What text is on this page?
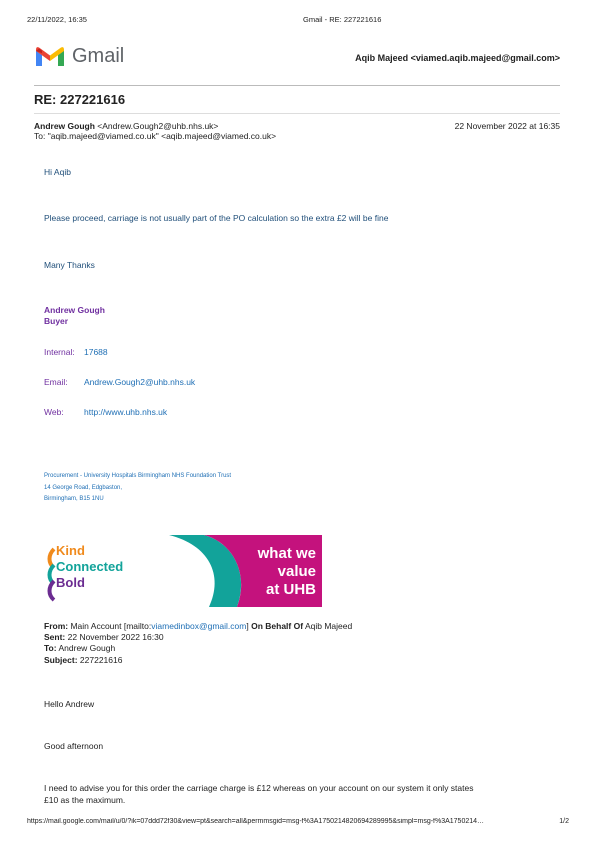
22/11/2022, 16:35	Gmail - RE: 227221616
Gmail	Aqib Majeed <viamed.aqib.majeed@gmail.com>
RE: 227221616
Andrew Gough <Andrew.Gough2@uhb.nhs.uk>	22 November 2022 at 16:35
To: "aqib.majeed@viamed.co.uk" <aqib.majeed@viamed.co.uk>
Hi Aqib
Please proceed, carriage is not usually part of the PO calculation so the extra £2 will be fine
Many Thanks
Andrew Gough
Buyer
Internal: 17688
Email: Andrew.Gough2@uhb.nhs.uk
Web: http://www.uhb.nhs.uk
Procurement - University Hospitals Birmingham NHS Foundation Trust
14 George Road, Edgbaston,
Birmingham, B15 1NU
Kind
Connected
Bold
what we
value
at UHB
From: Main Account [mailto:viamedinbox@gmail.com] On Behalf Of Aqib Majeed
Sent: 22 November 2022 16:30
To: Andrew Gough
Subject: 227221616
Hello Andrew
Good afternoon
I need to advise you for this order the carriage charge is £12 whereas on your account on our system it only states
£10 as the maximum.
https://mail.google.com/mail/u/0/?ik=07ddd72f30&view=pt&search=all&permmsgid=msg-f%3A1750214820694289995&simpl=msg-f%3A1750214…	1/2
